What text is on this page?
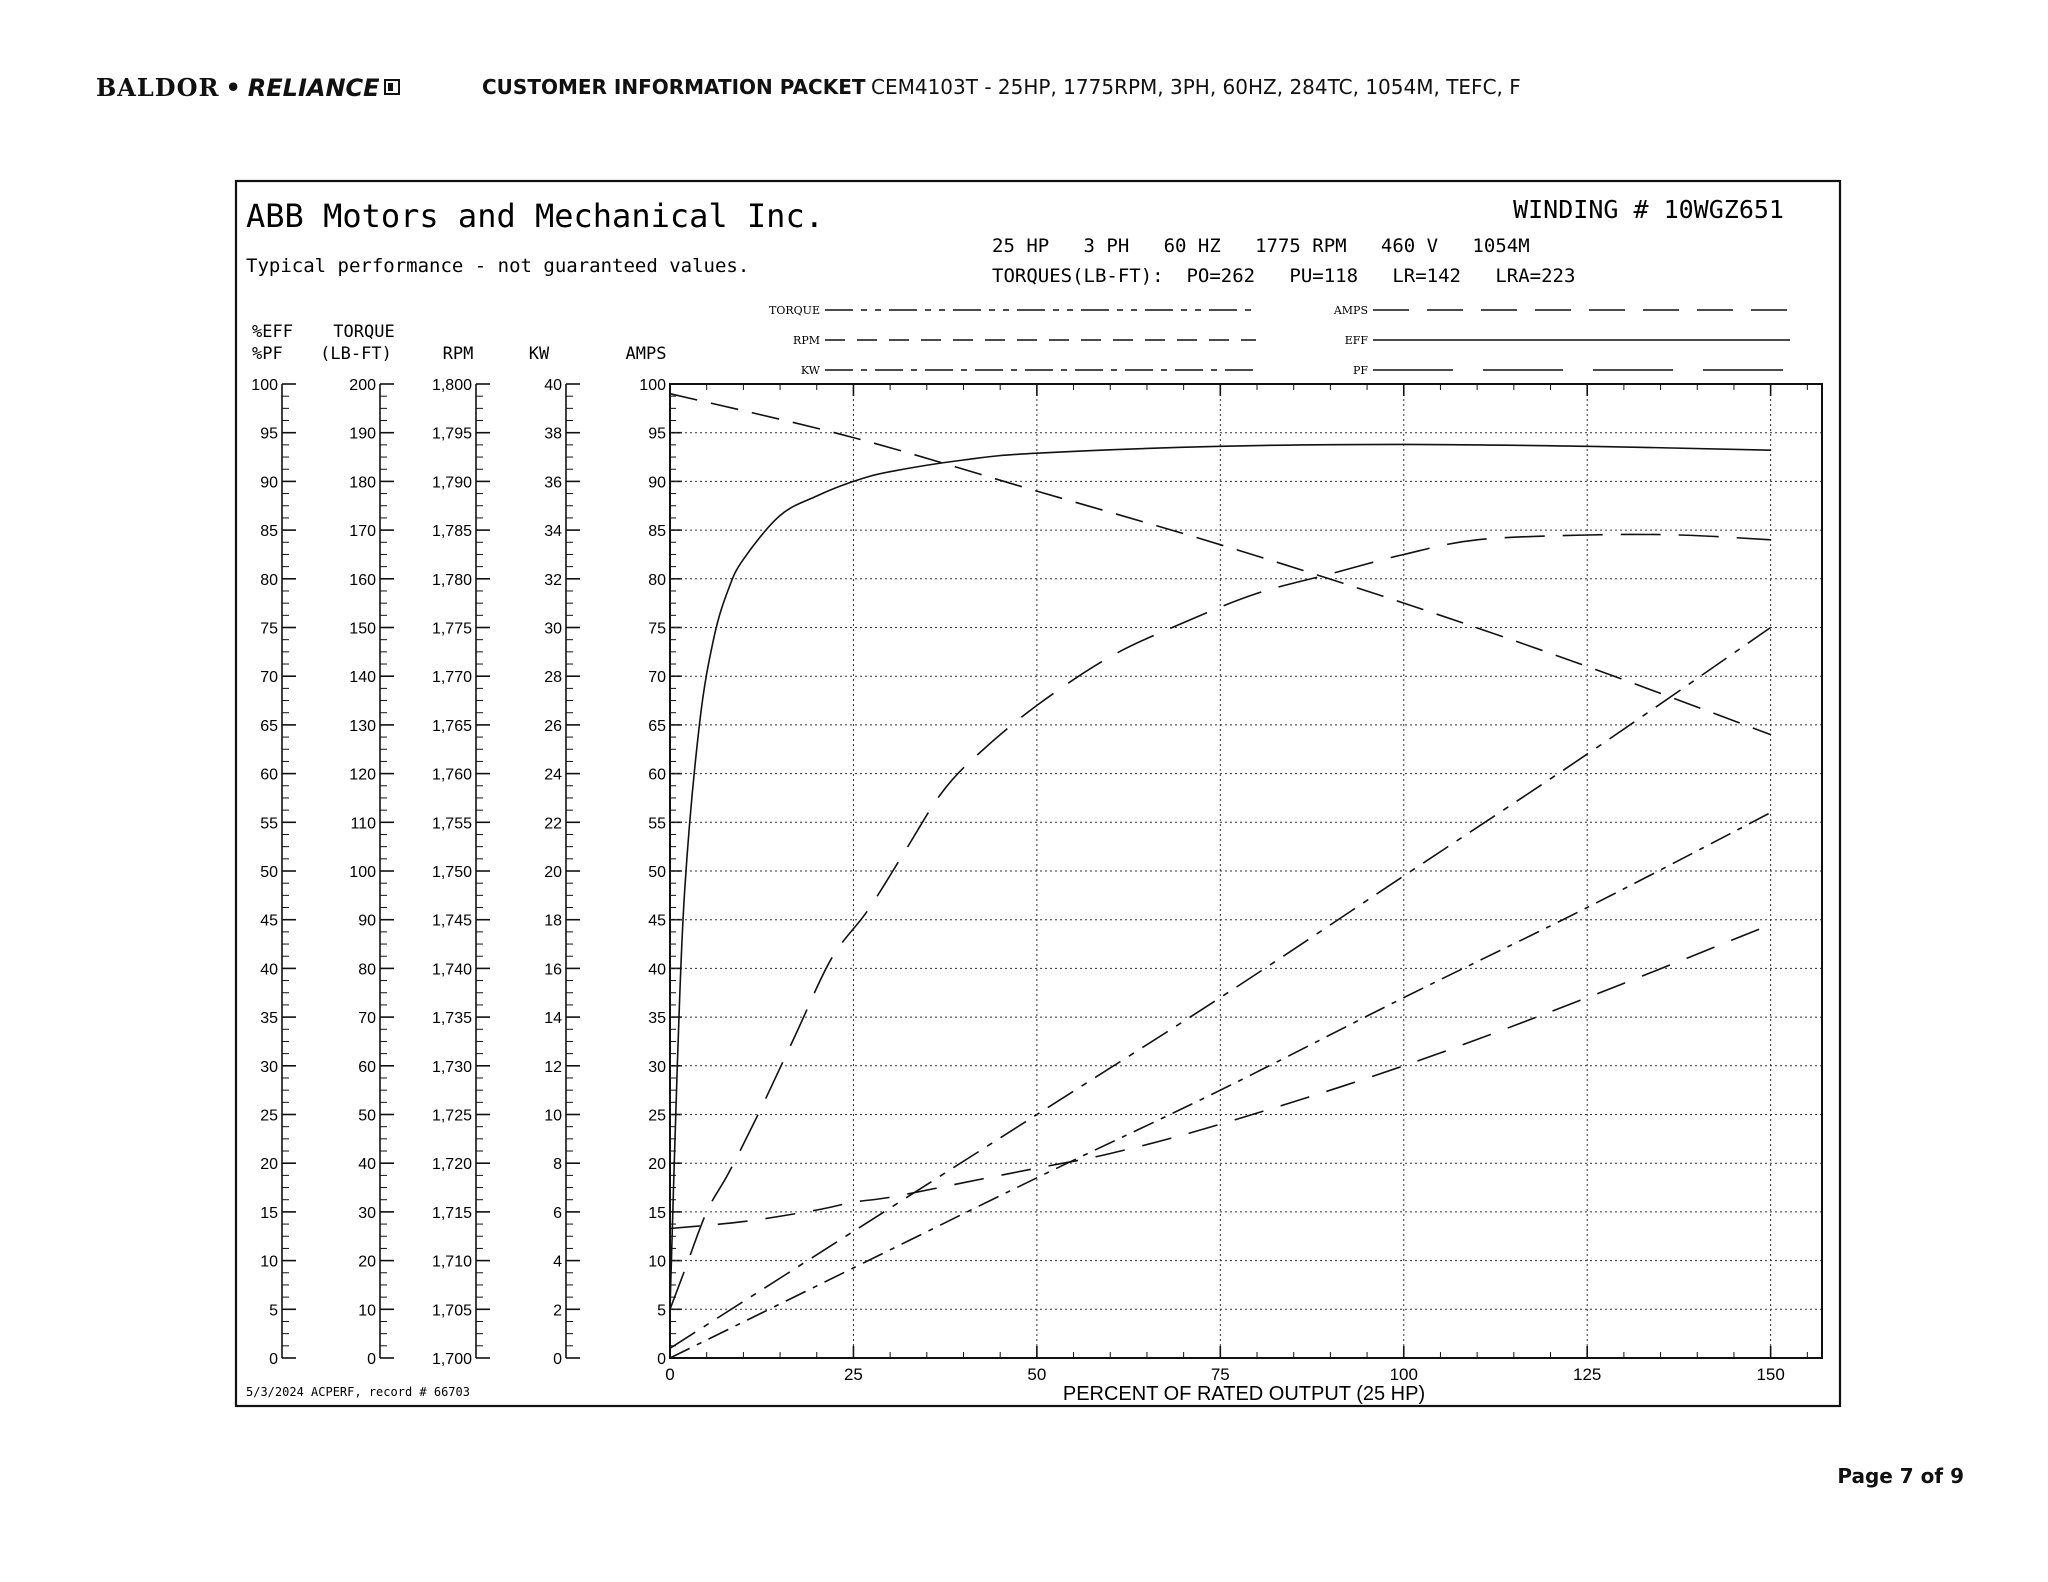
BALDOR • RELIANCE	CUSTOMER INFORMATION PACKET CEM4103T - 25HP, 1775RPM, 3PH, 60HZ, 284TC, 1054M, TEFC, F
ABB Motors and Mechanical Inc.
Typical performance - not guaranteed values.
WINDING # 10WGZ651
25 HP   3 PH   60 HZ   1775 RPM   460 V   1054M
TORQUES(LB-FT):  PO=262   PU=118   LR=142   LRA=223
%EFF
%PF
TORQUE
(LB-FT)	RPM	KW	AMPS
TORQUE
RPM
KW
AMPS
EFF
PF
0
5
10
15
20
25
30
35
40
45
50
55
60
65
70
75
80
85
90
95
100
0
10
20
30
40
50
60
70
80
90
100
110
120
130
140
150
160
170
180
190
200
1,700
1,705
1,710
1,715
1,720
1,725
1,730
1,735
1,740
1,745
1,750
1,755
1,760
1,765
1,770
1,775
1,780
1,785
1,790
1,795
1,800
0
2
4
6
8
10
12
14
16
18
20
22
24
26
28
30
32
34
36
38
40
0
5
10
15
20
25
30
35
40
45
50
55
60
65
70
75
80
85
90
95
100
0	25	50	75	100	125	150
PERCENT OF RATED OUTPUT (25 HP)
5/3/2024 ACPERF, record # 66703
Page 7 of 9
